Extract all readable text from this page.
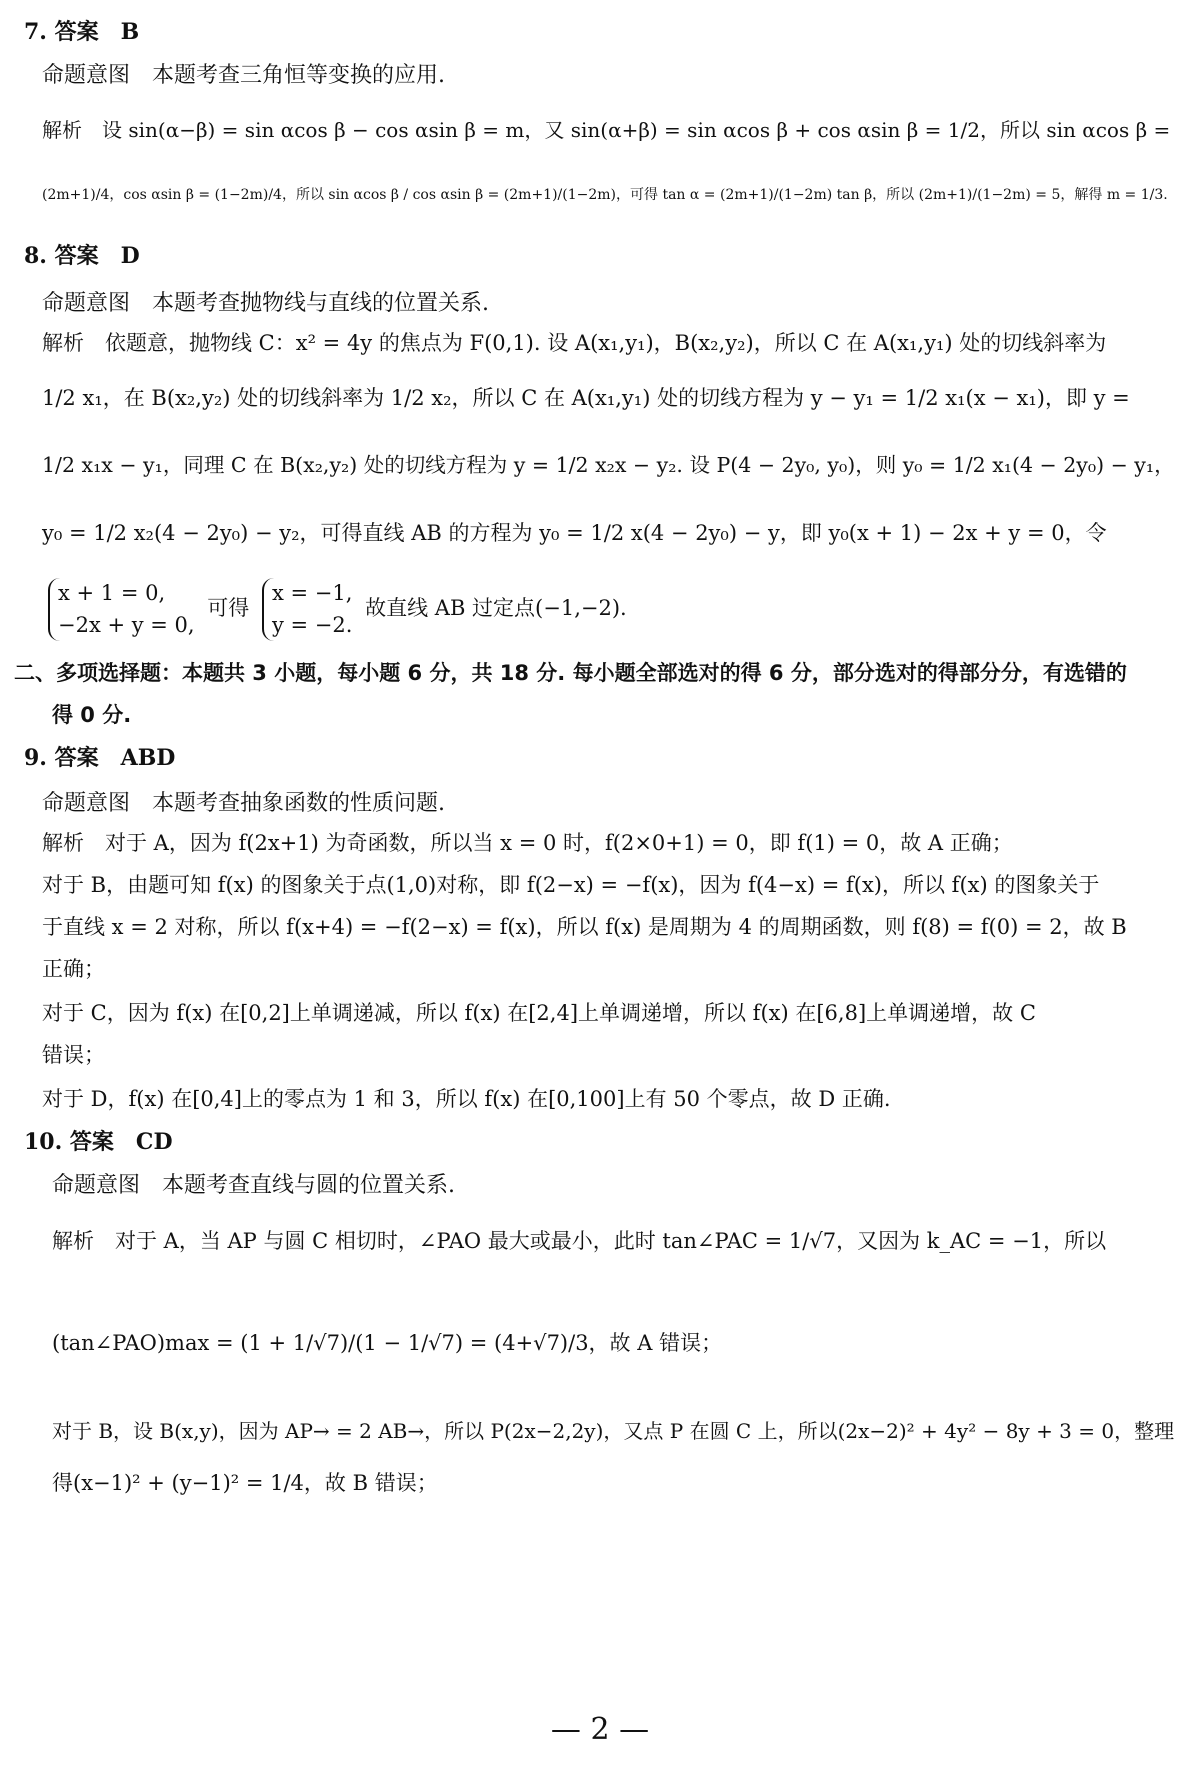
7. 答案　B
命题意图　本题考查三角恒等变换的应用.
解析　设 sin(α−β) = sin αcos β − cos αsin β = m，又 sin(α+β) = sin αcos β + cos αsin β = 1/2，所以 sin αcos β =
(2m+1)/4，cos αsin β = (1−2m)/4，所以 sin αcos β / cos αsin β = (2m+1)/(1−2m)，可得 tan α = (2m+1)/(1−2m) tan β，所以 (2m+1)/(1−2m) = 5，解得 m = 1/3.
8. 答案　D
命题意图　本题考查抛物线与直线的位置关系.
解析　依题意，抛物线 C：x² = 4y 的焦点为 F(0,1). 设 A(x₁,y₁)，B(x₂,y₂)，所以 C 在 A(x₁,y₁) 处的切线斜率为
1/2 x₁，在 B(x₂,y₂) 处的切线斜率为 1/2 x₂，所以 C 在 A(x₁,y₁) 处的切线方程为 y − y₁ = 1/2 x₁(x − x₁)，即 y =
1/2 x₁x − y₁，同理 C 在 B(x₂,y₂) 处的切线方程为 y = 1/2 x₂x − y₂. 设 P(4 − 2y₀, y₀)，则 y₀ = 1/2 x₁(4 − 2y₀) − y₁，
y₀ = 1/2 x₂(4 − 2y₀) − y₂，可得直线 AB 的方程为 y₀ = 1/2 x(4 − 2y₀) − y，即 y₀(x + 1) − 2x + y = 0，令
x + 1 = 0,
−2x + y = 0,
可得
x = −1,
y = −2.
故直线 AB 过定点(−1,−2).
二、多项选择题：本题共 3 小题，每小题 6 分，共 18 分. 每小题全部选对的得 6 分，部分选对的得部分分，有选错的
得 0 分.
9. 答案　ABD
命题意图　本题考查抽象函数的性质问题.
解析　对于 A，因为 f(2x+1) 为奇函数，所以当 x = 0 时，f(2×0+1) = 0，即 f(1) = 0，故 A 正确；
对于 B，由题可知 f(x) 的图象关于点(1,0)对称，即 f(2−x) = −f(x)，因为 f(4−x) = f(x)，所以 f(x) 的图象关于
于直线 x = 2 对称，所以 f(x+4) = −f(2−x) = f(x)，所以 f(x) 是周期为 4 的周期函数，则 f(8) = f(0) = 2，故 B
正确；
对于 C，因为 f(x) 在[0,2]上单调递减，所以 f(x) 在[2,4]上单调递增，所以 f(x) 在[6,8]上单调递增，故 C
错误；
对于 D，f(x) 在[0,4]上的零点为 1 和 3，所以 f(x) 在[0,100]上有 50 个零点，故 D 正确.
10. 答案　CD
命题意图　本题考查直线与圆的位置关系.
解析　对于 A，当 AP 与圆 C 相切时，∠PAO 最大或最小，此时 tan∠PAC = 1/√7，又因为 k_AC = −1，所以
(tan∠PAO)max = (1 + 1/√7)/(1 − 1/√7) = (4+√7)/3，故 A 错误；
对于 B，设 B(x,y)，因为 AP→ = 2 AB→，所以 P(2x−2,2y)，又点 P 在圆 C 上，所以(2x−2)² + 4y² − 8y + 3 = 0，整理
得(x−1)² + (y−1)² = 1/4，故 B 错误；
— 2 —
